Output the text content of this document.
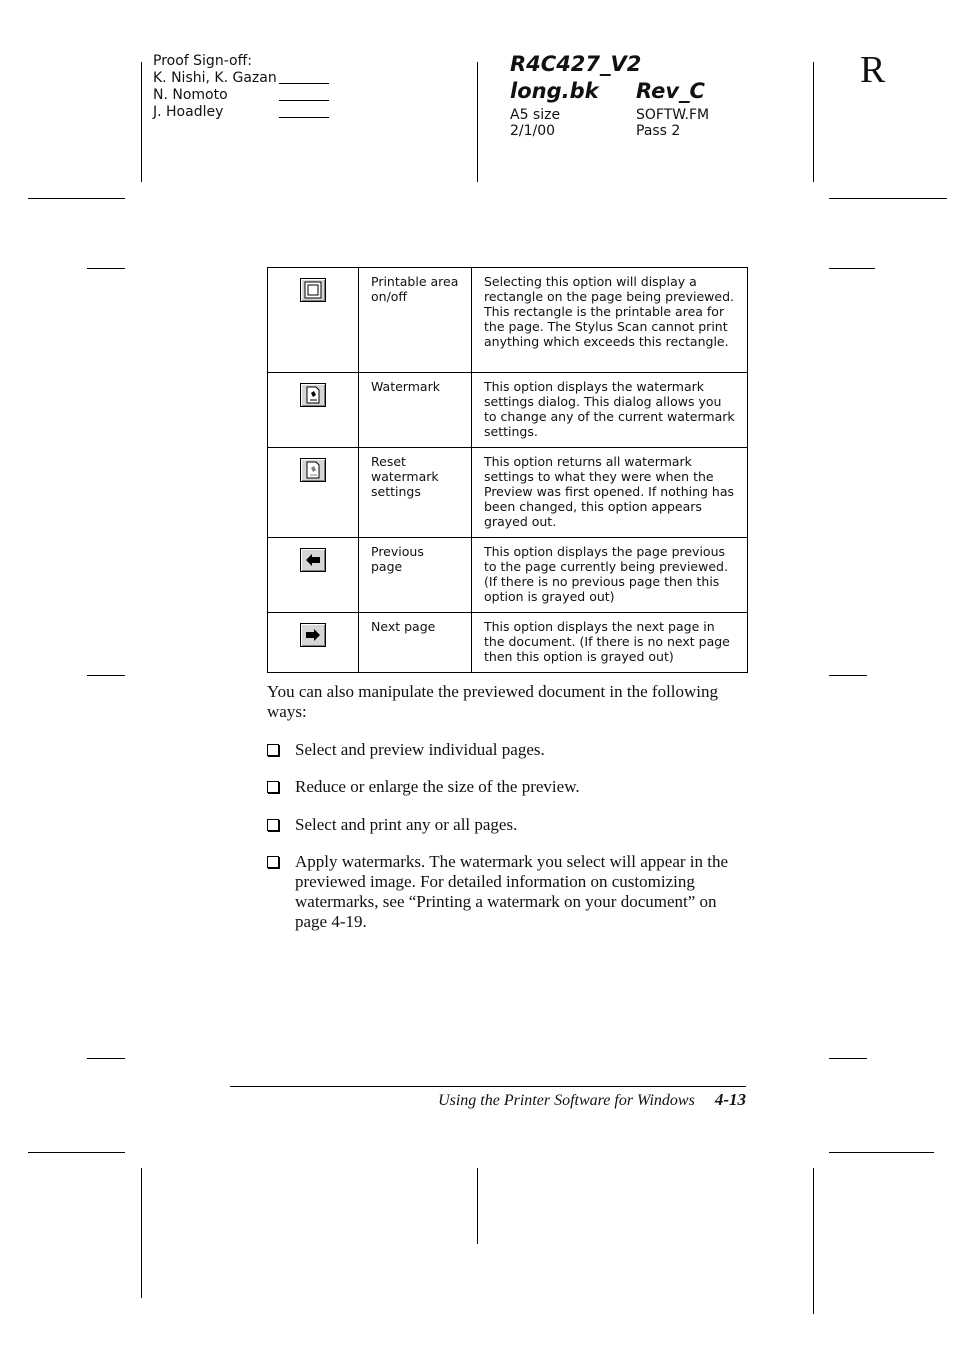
Proof Sign-off:
K. Nishi, K. Gazan
N. Nomoto
J. Hoadley
R4C427_V2
long.bk Rev_C
A5 size
2/1/00
SOFTW.FM
Pass 2
R
	Printable area on/off	Selecting this option will display a rectangle on the page being previewed. This rectangle is the printable area for the page. The Stylus Scan cannot print anything which exceeds this rectangle.

	Watermark	This option displays the watermark settings dialog. This dialog allows you to change any of the current watermark settings.

	Reset watermark settings	This option returns all watermark settings to what they were when the Preview was first opened. If nothing has been changed, this option appears grayed out.

	Previous page	This option displays the page previous to the page currently being previewed. (If there is no previous page then this option is grayed out)

	Next page	This option displays the next page in the document. (If there is no next page then this option is grayed out)
You can also manipulate the previewed document in the following ways:
Select and preview individual pages.
Reduce or enlarge the size of the preview.
Select and print any or all pages.
Apply watermarks. The watermark you select will appear in the previewed image. For detailed information on customizing watermarks, see “Printing a watermark on your document” on page 4-19.
Using the Printer Software for Windows 4-13
